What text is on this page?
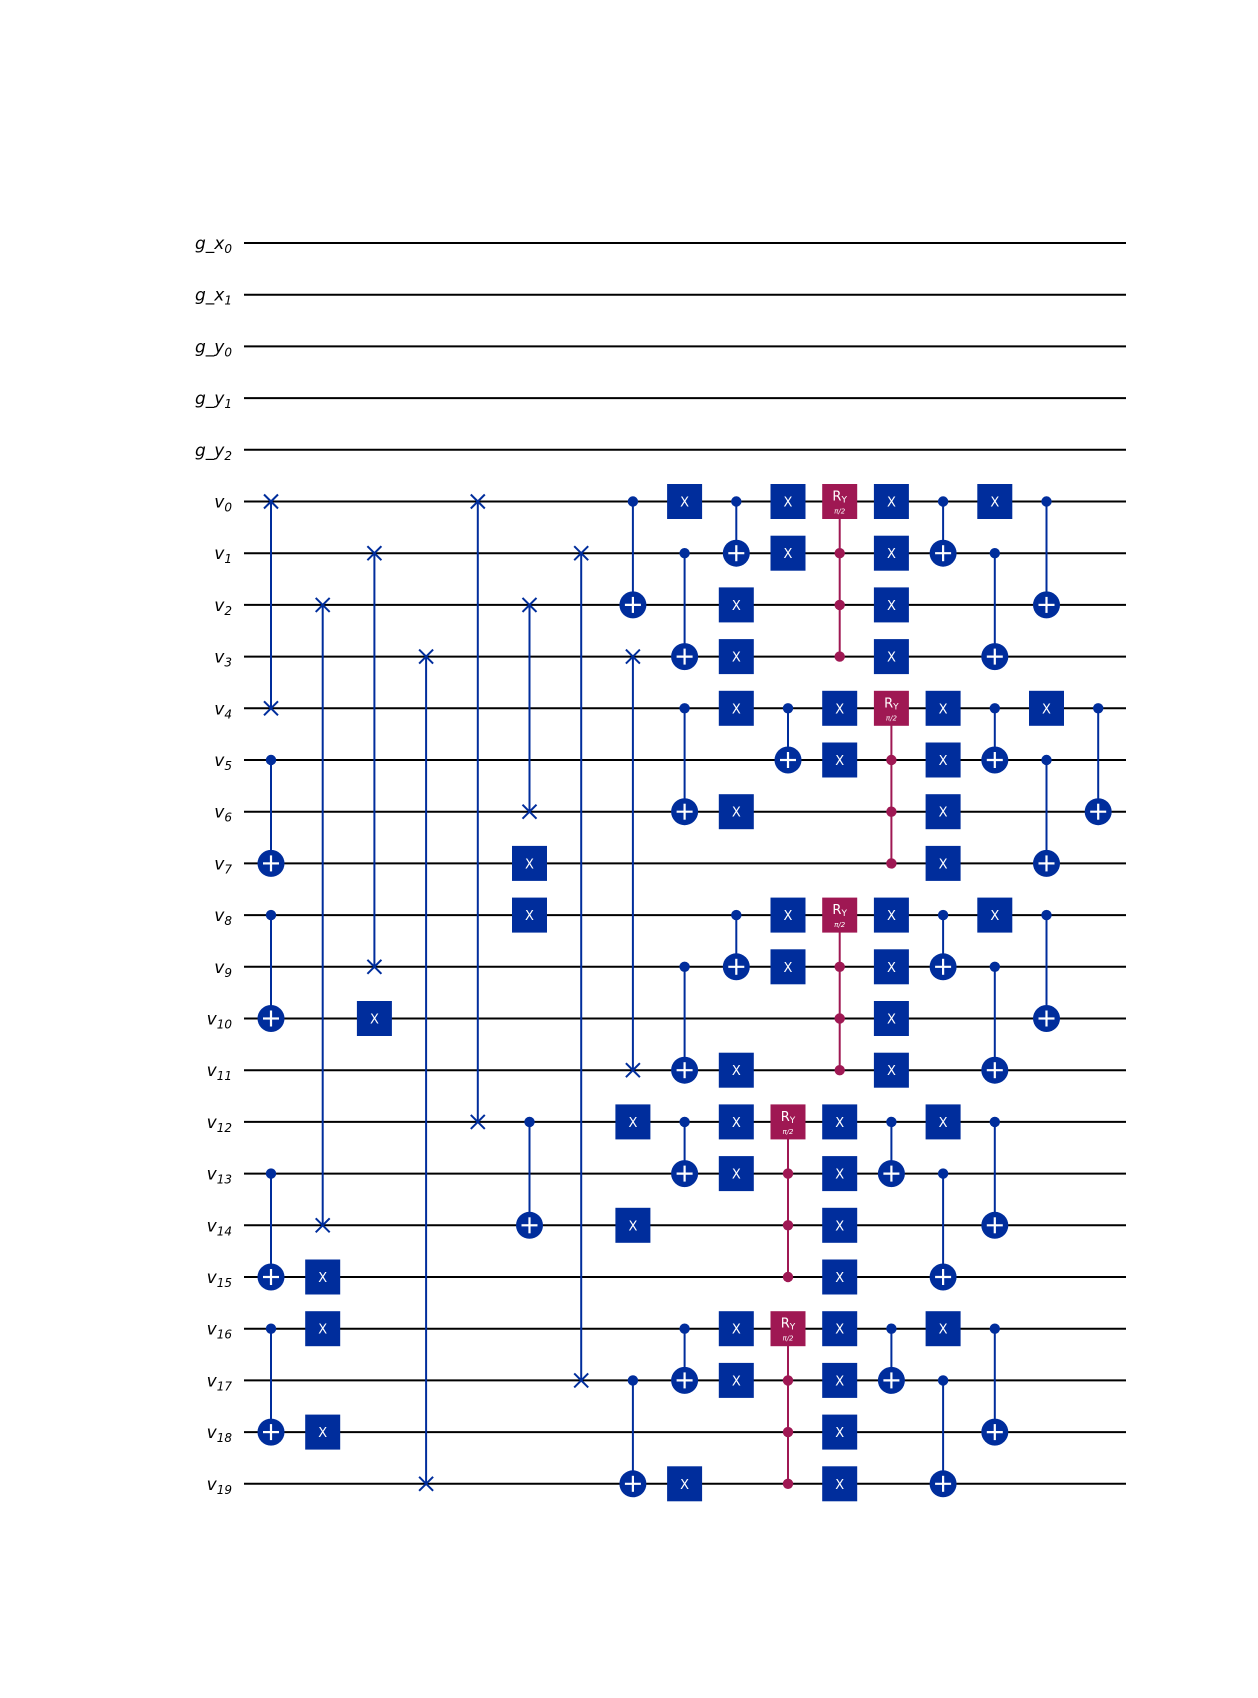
$g\_x_0$
$g\_x_1$
$g\_y_0$
$g\_y_1$
$g\_y_2$
$v_0$
$v_1$
$v_2$
$v_3$
$v_4$
$v_5$
$v_6$
$v_7$
$v_8$
$v_9$
$v_{10}$
$v_{11}$
$v_{12}$
$v_{13}$
$v_{14}$
$v_{15}$
$v_{16}$
$v_{17}$
$v_{18}$
$v_{19}$
X
X
X
X
X
X
X
X
X
X
X
X
X
X
X
X
X
X
X
X
X
X
X
RY
π/2
RY
π/2
RY
π/2
X
X
RY
π/2
X
X
X
X
X
X
X
X
X
X
X
X
RY
π/2
X
X
X
X
X
X
X
X
X
X
X
X
X
